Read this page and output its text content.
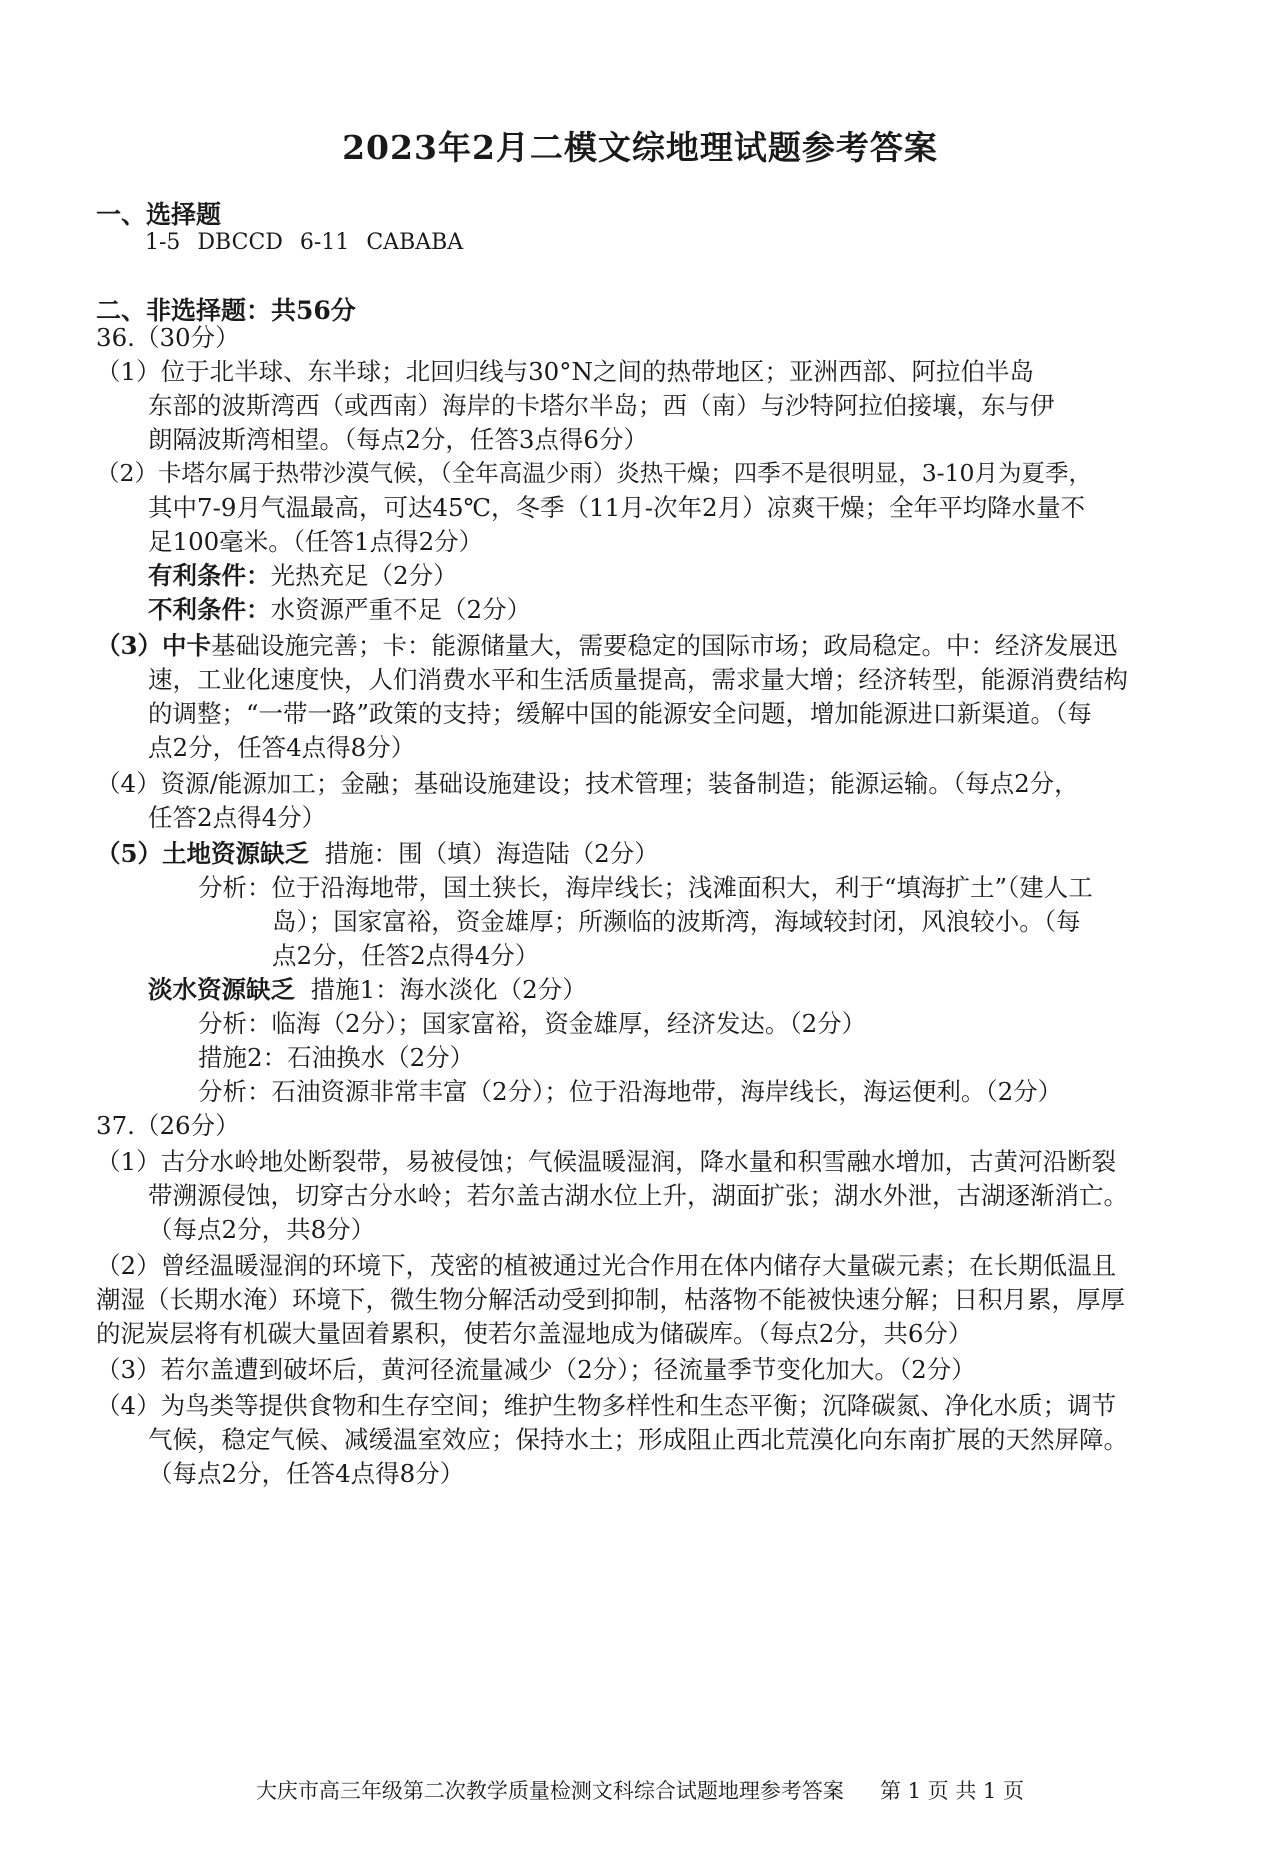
2023年2月二模文综地理试题参考答案
一、选择题
1-5 DBCCD 6-11 CABABA
二、非选择题：共56分
36.（30分）
（1）位于北半球、东半球；北回归线与30°N之间的热带地区；亚洲西部、阿拉伯半岛
东部的波斯湾西（或西南）海岸的卡塔尔半岛；西（南）与沙特阿拉伯接壤，东与伊
朗隔波斯湾相望。（每点2分，任答3点得6分）
（2）卡塔尔属于热带沙漠气候，（全年高温少雨）炎热干燥；四季不是很明显，3-10月为夏季，
其中7-9月气温最高，可达45℃，冬季（11月-次年2月）凉爽干燥；全年平均降水量不
足100毫米。（任答1点得2分）
有利条件：光热充足（2分）
不利条件：水资源严重不足（2分）
（3）中卡基础设施完善；卡：能源储量大，需要稳定的国际市场；政局稳定。中：经济发展迅
速，工业化速度快，人们消费水平和生活质量提高，需求量大增；经济转型，能源消费结构
的调整；“一带一路”政策的支持；缓解中国的能源安全问题，增加能源进口新渠道。（每
点2分，任答4点得8分）
（4）资源/能源加工；金融；基础设施建设；技术管理；装备制造；能源运输。（每点2分，
任答2点得4分）
（5）土地资源缺乏 措施：围（填）海造陆（2分）
分析：位于沿海地带，国土狭长，海岸线长；浅滩面积大，利于“填海扩土”（建人工
岛）；国家富裕，资金雄厚；所濒临的波斯湾，海域较封闭，风浪较小。（每
点2分，任答2点得4分）
淡水资源缺乏 措施1：海水淡化（2分）
分析：临海（2分）；国家富裕，资金雄厚，经济发达。（2分）
措施2：石油换水（2分）
分析：石油资源非常丰富（2分）；位于沿海地带，海岸线长，海运便利。（2分）
37.（26分）
（1）古分水岭地处断裂带，易被侵蚀；气候温暖湿润，降水量和积雪融水增加，古黄河沿断裂
带溯源侵蚀，切穿古分水岭；若尔盖古湖水位上升，湖面扩张；湖水外泄，古湖逐渐消亡。
（每点2分，共8分）
（2）曾经温暖湿润的环境下，茂密的植被通过光合作用在体内储存大量碳元素；在长期低温且
潮湿（长期水淹）环境下，微生物分解活动受到抑制，枯落物不能被快速分解；日积月累，厚厚
的泥炭层将有机碳大量固着累积，使若尔盖湿地成为储碳库。（每点2分，共6分）
（3）若尔盖遭到破坏后，黄河径流量减少（2分）；径流量季节变化加大。（2分）
（4）为鸟类等提供食物和生存空间；维护生物多样性和生态平衡；沉降碳氮、净化水质；调节
气候，稳定气候、减缓温室效应；保持水土；形成阻止西北荒漠化向东南扩展的天然屏障。
（每点2分，任答4点得8分）
大庆市高三年级第二次教学质量检测文科综合试题地理参考答案 第 1 页 共 1 页
